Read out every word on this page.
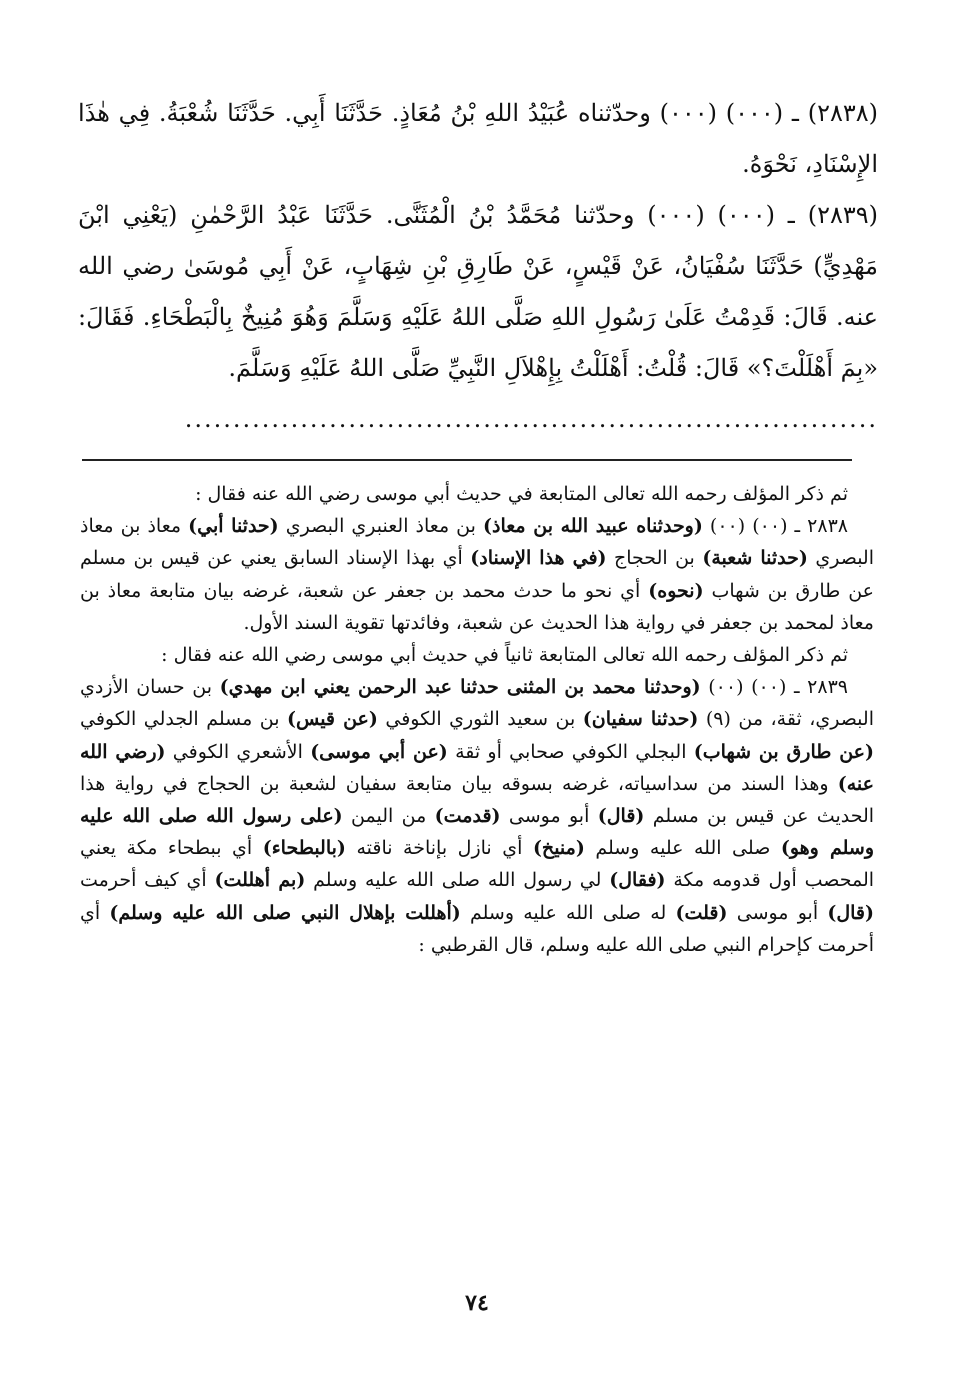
(٢٨٣٨) ـ (٠٠٠) (٠٠٠) وحدّثناه عُبَيْدُ اللهِ بْنُ مُعَاذٍ. حَدَّثَنَا أَبِي. حَدَّثَنَا شُعْبَةُ. فِي هٰذَا الإِسْنَادِ، نَحْوَهُ.

(٢٨٣٩) ـ (٠٠٠) (٠٠٠) وحدّثنا مُحَمَّدُ بْنُ الْمُثَنَّى. حَدَّثَنَا عَبْدُ الرَّحْمٰنِ (يَعْنِي ابْنَ مَهْدِيٍّ) حَدَّثَنَا سُفْيَانُ، عَنْ قَيْسٍ، عَنْ طَارِقِ بْنِ شِهَابٍ، عَنْ أَبِي مُوسَىٰ رضي الله عنه. قَالَ: قَدِمْتُ عَلَىٰ رَسُولِ اللهِ صَلَّى اللهُ عَلَيْهِ وَسَلَّمَ وَهُوَ مُنِيخٌ بِالْبَطْحَاءِ. فَقَالَ: «بِمَ أَهْلَلْتَ؟» قَالَ: قُلْتُ: أَهْلَلْتُ بِإِهْلاَلِ النَّبِيِّ صَلَّى اللهُ عَلَيْهِ وَسَلَّمَ.

........................................................................

ثم ذكر المؤلف رحمه الله تعالى المتابعة في حديث أبي موسى رضي الله عنه فقال :

٢٨٣٨ ـ (٠٠) (٠٠) (وحدثناه عبيد الله بن معاذ) بن معاذ العنبري البصري (حدثنا أبي) معاذ بن معاذ البصري (حدثنا شعبة) بن الحجاج (في هذا الإسناد) أي بهذا الإسناد السابق يعني عن قيس بن مسلم عن طارق بن شهاب (نحوه) أي نحو ما حدث محمد بن جعفر عن شعبة، غرضه بيان متابعة معاذ بن معاذ لمحمد بن جعفر في رواية هذا الحديث عن شعبة، وفائدتها تقوية السند الأول.

ثم ذكر المؤلف رحمه الله تعالى المتابعة ثانياً في حديث أبي موسى رضي الله عنه فقال :

٢٨٣٩ ـ (٠٠) (٠٠) (وحدثنا محمد بن المثنى حدثنا عبد الرحمن يعني ابن مهدي) بن حسان الأزدي البصري، ثقة، من (٩) (حدثنا سفيان) بن سعيد الثوري الكوفي (عن قيس) بن مسلم الجدلي الكوفي (عن طارق بن شهاب) البجلي الكوفي صحابي أو ثقة (عن أبي موسى) الأشعري الكوفي (رضي الله عنه) وهذا السند من سداسياته، غرضه بسوقه بيان متابعة سفيان لشعبة بن الحجاج في رواية هذا الحديث عن قيس بن مسلم (قال) أبو موسى (قدمت) من اليمن (على رسول الله صلى الله عليه وسلم وهو) صلى الله عليه وسلم (منيخ) أي نازل بإناخة ناقته (بالبطحاء) أي ببطحاء مكة يعني المحصب أول قدومه مكة (فقال) لي رسول الله صلى الله عليه وسلم (بم أهللت) أي كيف أحرمت (قال) أبو موسى (قلت) له صلى الله عليه وسلم (أهللت بإهلال النبي صلى الله عليه وسلم) أي أحرمت كإحرام النبي صلى الله عليه وسلم، قال القرطبي :

٧٤
